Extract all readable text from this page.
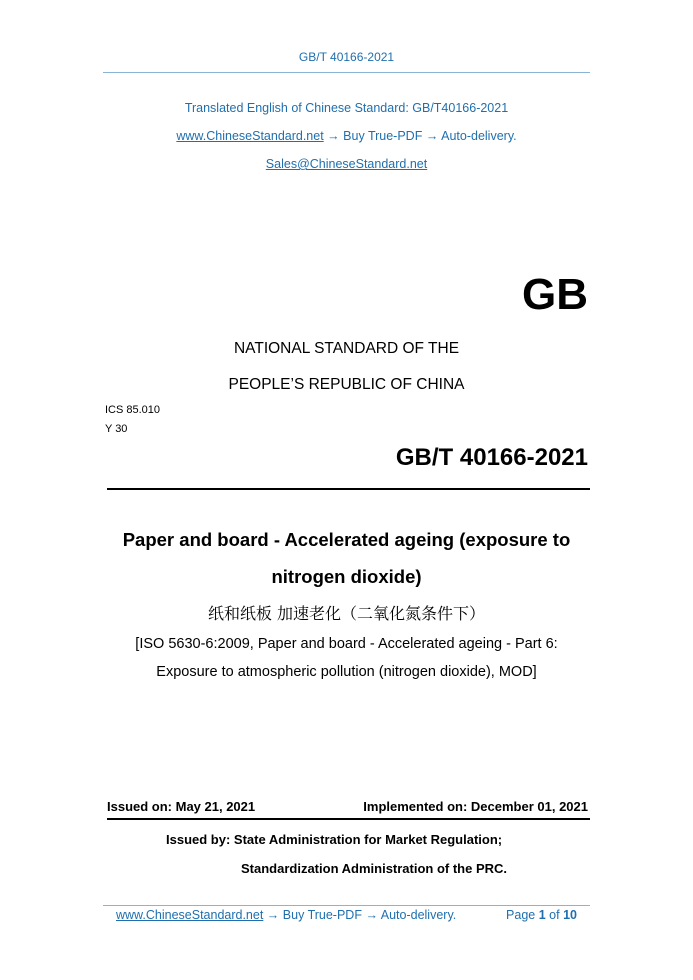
GB/T 40166-2021
Translated English of Chinese Standard: GB/T40166-2021
www.ChineseStandard.net → Buy True-PDF → Auto-delivery.
Sales@ChineseStandard.net
GB
NATIONAL STANDARD OF THE
PEOPLE’S REPUBLIC OF CHINA
ICS 85.010
Y 30
GB/T 40166-2021
Paper and board - Accelerated ageing (exposure to
nitrogen dioxide)
纸和纸板 加速老化（二氧化氮条件下）
[ISO 5630-6:2009, Paper and board - Accelerated ageing - Part 6:
Exposure to atmospheric pollution (nitrogen dioxide), MOD]
Issued on: May 21, 2021	Implemented on: December 01, 2021
Issued by: State Administration for Market Regulation;
Standardization Administration of the PRC.
www.ChineseStandard.net → Buy True-PDF → Auto-delivery.	Page 1 of 10
